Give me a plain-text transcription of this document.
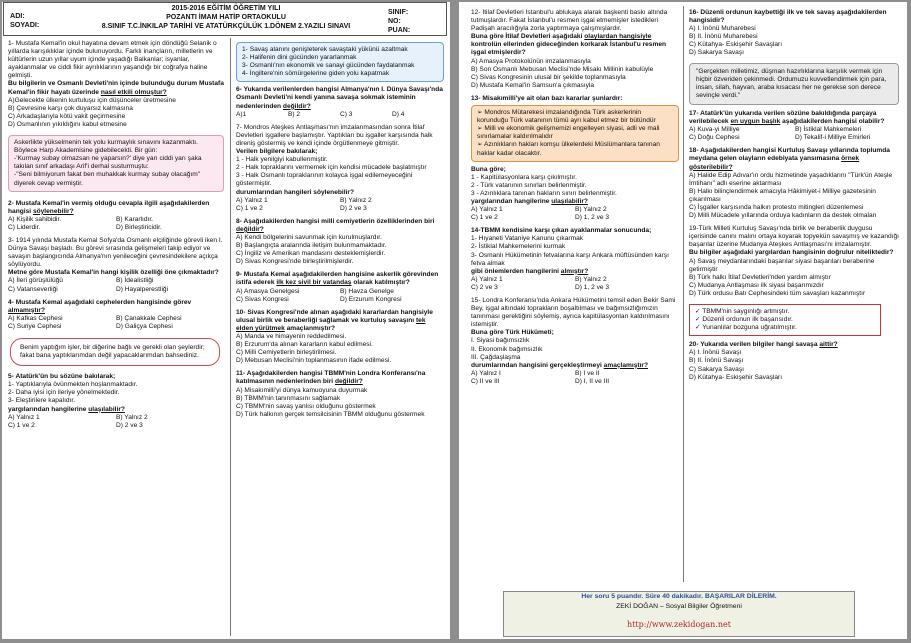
ADI:
SOYADI:
2015-2016 EĞİTİM ÖĞRETİM YILI
POZANTI İMAM HATİP ORTAOKULU
8.SINIF T.C.İNKILAP TARİHİ VE ATATÜRKÇÜLÜK 1.DÖNEM 2.YAZILI SINAVI
SINIF:
NO:
PUAN:

1- Mustafa Kemal'in okul hayatına devam etmek için döndüğü Selanik o yıllarda karışıklıklar içinde bulunuyordu. Farklı inançların, milletlerin ve kültürlerin uzun yıllar uyum içinde yaşadığı Balkanlar; isyanlar, ayaklanmalar ve ciddi fikir ayrılıklarının yaşandığı bir coğrafya haline gelmişti.

Bu bilgilerin ve Osmanlı Devleti'nin içinde bulunduğu durum Mustafa Kemal'in fikir hayatı üzerinde nasıl etkili olmuştur?

A)Gelecekte ülkenin kurtuluşu için düşünceler üretmesine

B) Çevresine karşı çok duyarsız kalmasına

C) Arkadaşlarıyla kötü vakit geçirmesine

D) Osmanlının yıkıldığını kabul etmesine

Askerlikte yükselmenin tek yolu kurmaylık sınavını kazanmaktı. Böylece Harp Akademisine gidebilecekti. Bir gün:

-'Kurmay subay olmazsan ne yaparsın?' diye yarı ciddi yarı şaka takılan sınıf arkadaşı Arif'i derhal susturmuştu:

-"Seni bilmiyorum fakat ben muhakkak kurmay subay olacağım" diyerek cevap vermiştir.

2- Mustafa Kemal'in vermiş olduğu cevapla ilgili aşağıdakilerden hangisi söylenebilir?

A) Kişilik sahibidir.	B) Kararlıdır.
C) Liderdir.	D) Birleştiricidir.

3- 1914 yılında Mustafa Kemal Sofya'da Osmanlı elçiliğinde görevli iken I. Dünya Savaşı başladı. Bu görevi sırasında gelişmeleri takip ediyor ve savaşın başlangıcında Almanya'nın yenileceğini çevresindekilere açıkça söylüyordu.

Metne göre Mustafa Kemal'in hangi kişilik özelliği öne çıkmaktadır?

A) İleri görüşlülüğü	B) İdealistliği
C) Vatanseverliği	D) Hayalperestliği

4- Mustafa Kemal aşağıdaki cephelerden hangisinde görev almamıştır?

A) Kafkas Cephesi	B) Çanakkale Cephesi
C) Suriye Cephesi	D) Galiçya Cephesi

Benim yaptığım işler, bir diğerine bağlı ve gerekli olan şeylerdir; fakat bana yaptıklarımdan değil yapacaklarımdan bahsediniz.

5- Atatürk'ün bu sözüne bakılarak;

1- Yaptıklarıyla övünmekten hoşlanmaktadır.

2- Daha iyisi için ileriye yönelmektedir.

3- Eleştirilere kapalıdır.

yargılarından hangilerine ulaşılabilir?

A) Yalnız 1	B) Yalnız 2
C) 1 ve 2	D) 2 ve 3

1- Savaş alanını genişleterek savaştaki yükünü azaltmak

2- Halifenin dini gücünden yararlanmak

3- Osmanlı'nın ekonomik ve sanayi gücünden faydalanmak

4- İngiltere'nin sömürgelerine giden yolu kapatmak

6- Yukarıda verilenlerden hangisi Almanya'nın I. Dünya Savaşı'nda Osmanlı Devleti'ni kendi yanına savaşa sokmak isteminin nedenlerinden değildir?

A)1	B) 2	C) 3	D) 4

7- Mondros Ateşkes Antlaşması'nın imzalanmasından sonra İtilaf Devletleri işgallere başlamıştır. Yaptıkları bu işgaller karşısında halk direniş göstermiş ve kendi içinde örgütlenmeye gitmiştir.

Verilen bilgilere bakılarak;

1 - Halk yenilgiyi kabullenmiştir.

2 - Halk topraklarını vermemek için kendisi mücadele başlatmıştır

3 - Halk Osmanlı topraklarının kolayca işgal edilemeyeceğini göstermiştir.

durumlarından hangileri söylenebilir?

A) Yalnız 1	B) Yalnız 2
C) 1 ve 2	D) 2 ve 3

8- Aşağıdakilerden hangisi milli cemiyetlerin özelliklerinden biri değildir?

A) Kendi bölgelerini savunmak için kurulmuşlardır.

B) Başlangıçta aralarında iletişim bulunmamaktadır.

C) İngiliz ve Amerikan mandasını desteklemişlerdir.

D) Sivas Kongresi'nde birleştirilmişlerdir.

9- Mustafa Kemal aşağıdakilerden hangisine askerlik görevinden istifa ederek ilk kez sivil bir vatandaş olarak katılmıştır?

A) Amasya Genelgesi	B) Havza Genelge
C) Sivas Kongresi	D) Erzurum Kongresi

10- Sivas Kongresi'nde alınan aşağıdaki kararlardan hangisiyle ulusal birlik ve beraberliği sağlamak ve kurtuluş savaşını tek elden yürütmek amaçlanmıştır?

A) Manda ve himayenin reddedilmesi.

B) Erzurum'da alınan kararların kabul edilmesi.

C) Milli Cemiyetlerin birleştirilmesi.

D) Mebusan Meclisi'nin toplanmasının ifade edilmesi.

11- Aşağıdakilerden hangisi TBMM'nin Londra Konferansı'na katılmasının nedenlerinden biri değildir?

A) Misakımilli'yi dünya kamuoyuna duyurmak

B) TBMM'nin tanınmasını sağlamak

C) TBMM'nin savaş yanlısı olduğunu göstermek

D) Türk halkının gerçek temsilcisinin TBMM olduğunu göstermek

12- İtilaf Devletleri İstanbul'u ablukaya alarak başkenti baskı altında tutmuşlardır. Fakat İstanbul'u resmen işgal etmemişler istedikleri Padişah aracılığıyla zorla yaptırmaya çalışmışlardır.

Buna göre İtilaf Devletleri aşağıdaki olaylardan hangisiyle kontrolün ellerinden gideceğinden korkarak İstanbul'u resmen işgal etmişlerdir?

A) Amasya Protokolünün imzalanmasıyla

B) Son Osmanlı Mebusan Meclisi'nde Misakı Millinin kabulüyle

C) Sivas Kongresinin ulusal bir şekilde toplanmasıyla

D) Mustafa Kemal'in Samsun'a çıkmasıyla

13- Misakımilli'ye ait olan bazı kararlar şunlardır:

➢ Mondros Mütarekesi imzalandığında Türk askerlerinin korunduğu Türk vatanının tümü ayrı kabul etmez bir bütündür

➢ Milli ve ekonomik gelişmemizi engelleyen siyasi, adli ve mali sınırlamalar kaldırılmalıdır

➢ Azınlıkların hakları komşu ülkelerdeki Müslümanlara tanınan haklar kadar olacaktır.

Buna göre;

1 - Kapitülasyonlara karşı çıkılmıştır.

2 - Türk vatanının sınırları belirlenmiştir.

3 - Azınlıklara tanınan hakların sınırı belirlenmiştir.

yargılarından hangilerine ulaşılabilir?

A) Yalnız 1	B) Yalnız 2
C) 1 ve 2	D) 1, 2 ve 3

14-TBMM kendisine karşı çıkan ayaklanmalar sonucunda;

1- Hıyaneti Vataniye Kanunu çıkarmak

2- İstiklal Mahkemelerini kurmak

3- Osmanlı Hükümetinin fetvalarına karşı Ankara müftüsünden karşı fetva almak

gibi önlemlerden hangilerini almıştır?

A) Yalnız 1	B) Yalnız 2
C) 2 ve 3	D) 1, 2 ve 3

15- Londra Konferansı'nda Ankara Hükümetini temsil eden Bekir Sami Bey, işgal altındaki toprakların boşaltılması ve bağımsızlığımızın tanınması gerektiğini söylemiş, ayrıca kapitülasyonları kaldırılmasını istemiştir.

Buna göre Türk Hükümeti;

I. Siyasi bağımsızlık

II. Ekonomik bağımsızlık

III. Çağdaşlaşma

durumlarından hangisini gerçekleştirmeyi amaçlamıştır?

A) Yalnız I	B) I ve II
C) II ve III	D) I, II ve III

16- Düzenli ordunun kaybettiği ilk ve tek savaş aşağıdakilerden hangisidir?

A) I. İnönü Muharebesi

B) II. İnönü Muharebesi

C) Kütahya- Eskişehir Savaşları

D) Sakarya Savaşı

"Gerçekten milletimiz, düşman hazırlıklarına karşılık vermek için hiçbir özveriden çekinmedi. Ordumuzu kuvvetlendirmek için para, insan, silah, hayvan, araba kısacası her ne gerekse son derece sevinçle verdi."

17- Atatürk'ün yukarıda verilen sözüne bakıldığında parçaya verilebilecek en uygun başlık aşağıdakilerden hangisi olabilir?

A) Kuva-yi Milliye	B) İstiklal Mahkemeleri
C) Doğu Cephesi	D) Tekalif-i Milliye Emirleri

18- Aşağıdakilerden hangisi Kurtuluş Savaşı yıllarında toplumda meydana gelen olayların edebiyata yansımasına örnek gösterilebilir?

A) Halide Edip Adıvar'ın ordu hizmetinde yaşadıklarını "Türk'ün Ateşle İmtihanı" adlı eserine aktarması

B) Halkı bilinçlendirmek amacıyla Hâkimiyet-i Milliye gazetesinin çıkarılması

C) İşgaller karşısında halkın protesto mitingleri düzenlemesi

D) Milli Mücadele yıllarında orduya kadınların da destek olmaları

19-Türk Milleti Kurtuluş Savaşı'nda birlik ve beraberlik duygusu içerisinde canını malını ortaya koyarak topyekün savaşmış ve kazandığı başarılar üzerine Mudanya Ateşkes Antlaşması'nı imzalamıştır.

Bu bilgiler aşağıdaki yargılardan hangisinin doğrulur niteliktedir?

A) Savaş meydanlarındaki başarılar siyasi başarıları beraberine getirmiştir

B) Türk halkı İtilaf Devletleri'nden yardım almıştır

C) Mudanya Antlaşması ilk siyasi başarımızdır

D) Türk ordusu Batı Cephesindeki tüm savaşları kazanmıştır

✓ TBMM'nin saygınlığı artmıştır.

✓ Düzenli ordunun ilk başarısıdır.

✓ Yunanlılar bozguna uğratılmıştır.

20- Yukarıda verilen bilgiler hangi savaşa aittir?

A) I. İnönü Savaşı

B) II. İnönü Savaşı

C) Sakarya Savaşı

D) Kütahya- Eskişehir Savaşları

Her soru 5 puandır. Süre 40 dakikadır. BAŞARILAR DİLERİM.
ZEKİ DOĞAN – Sosyal Bilgiler Öğretmeni
http://www.zekidogan.net
